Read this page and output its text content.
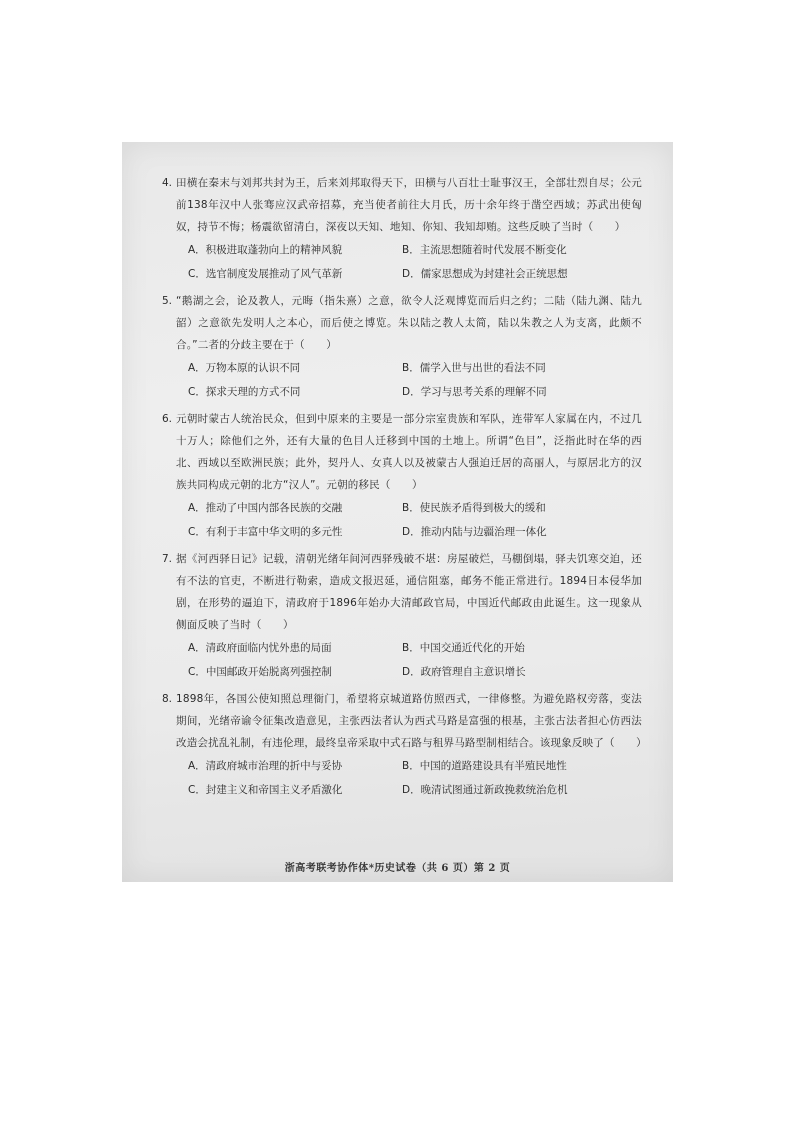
4. 田横在秦末与刘邦共封为王，后来刘邦取得天下，田横与八百壮士耻事汉王，全部壮烈自尽；公元前138年汉中人张骞应汉武帝招募，充当使者前往大月氏，历十余年终于凿空西域；苏武出使匈奴，持节不悔；杨震欲留清白，深夜以天知、地知、你知、我知却贿。这些反映了当时（　　）
A．积极进取蓬勃向上的精神风貌	B．主流思想随着时代发展不断变化
C．选官制度发展推动了风气革新	D．儒家思想成为封建社会正统思想
5. “鹅湖之会，论及教人，元晦（指朱熹）之意，欲令人泛观博览而后归之约；二陆（陆九渊、陆九韶）之意欲先发明人之本心，而后使之博览。朱以陆之教人太简，陆以朱教之人为支离，此颇不合。”二者的分歧主要在于（　　）
A．万物本原的认识不同	B．儒学入世与出世的看法不同
C．探求天理的方式不同	D．学习与思考关系的理解不同
6. 元朝时蒙古人统治民众，但到中原来的主要是一部分宗室贵族和军队，连带军人家属在内，不过几十万人；除他们之外，还有大量的色目人迁移到中国的土地上。所谓“色目”，泛指此时在华的西北、西域以至欧洲民族；此外，契丹人、女真人以及被蒙古人强迫迁居的高丽人，与原居北方的汉族共同构成元朝的北方“汉人”。元朝的移民（　　）
A．推动了中国内部各民族的交融	B．使民族矛盾得到极大的缓和
C．有利于丰富中华文明的多元性	D．推动内陆与边疆治理一体化
7. 据《河西驿日记》记载，清朝光绪年间河西驿残破不堪：房屋破烂，马棚倒塌，驿夫饥寒交迫，还有不法的官吏，不断进行勒索，造成文报迟延，通信阻塞，邮务不能正常进行。1894日本侵华加剧，在形势的逼迫下，清政府于1896年始办大清邮政官局，中国近代邮政由此诞生。这一现象从侧面反映了当时（　　）
A．清政府面临内忧外患的局面	B．中国交通近代化的开始
C．中国邮政开始脱离列强控制	D．政府管理自主意识增长
8. 1898年，各国公使知照总理衙门，希望将京城道路仿照西式，一律修整。为避免路权旁落，变法期间，光绪帝谕令征集改造意见，主张西法者认为西式马路是富强的根基，主张古法者担心仿西法改造会扰乱礼制，有违伦理，最终皇帝采取中式石路与租界马路型制相结合。该现象反映了（　　）
A．清政府城市治理的折中与妥协	B．中国的道路建设具有半殖民地性
C．封建主义和帝国主义矛盾激化	D．晚清试图通过新政挽救统治危机
浙高考联考协作体*历史试卷（共 6 页）第 2 页
